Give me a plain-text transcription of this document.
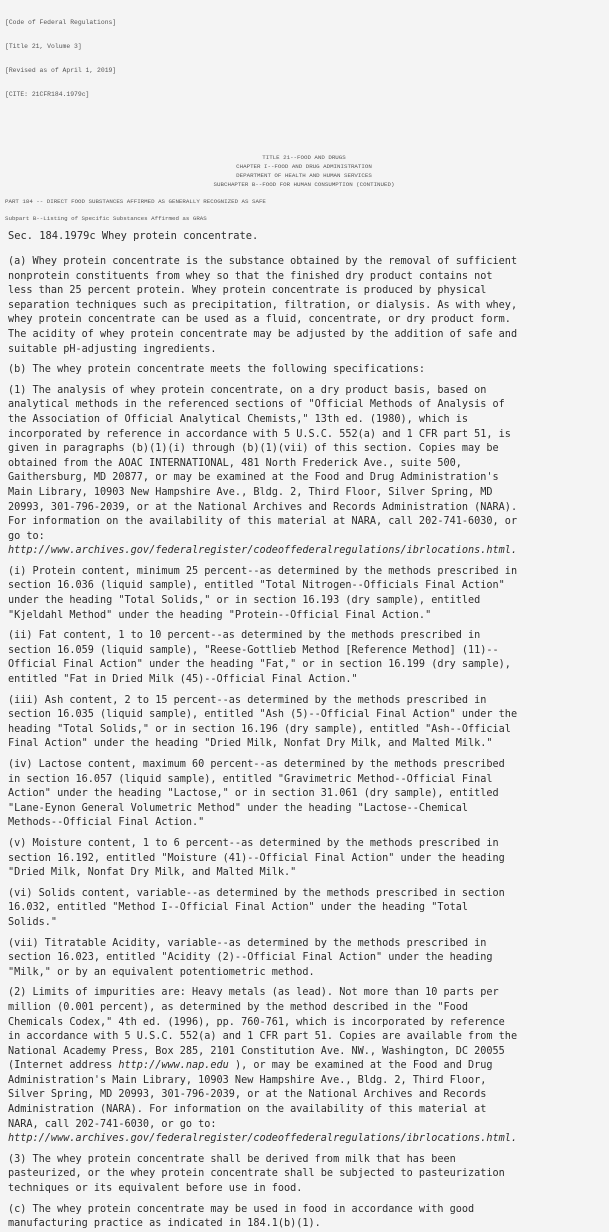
[Code of Federal Regulations]

[Title 21, Volume 3]

[Revised as of April 1, 2019]

[CITE: 21CFR184.1979c]

TITLE 21--FOOD AND DRUGS
CHAPTER I--FOOD AND DRUG ADMINISTRATION
DEPARTMENT OF HEALTH AND HUMAN SERVICES
SUBCHAPTER B--FOOD FOR HUMAN CONSUMPTION (CONTINUED)
PART 184 -- DIRECT FOOD SUBSTANCES AFFIRMED AS GENERALLY RECOGNIZED AS SAFE
Subpart B--Listing of Specific Substances Affirmed as GRAS
Sec. 184.1979c Whey protein concentrate.
(a) Whey protein concentrate is the substance obtained by the removal of sufficient
nonprotein constituents from whey so that the finished dry product contains not
less than 25 percent protein. Whey protein concentrate is produced by physical
separation techniques such as precipitation, filtration, or dialysis. As with whey,
whey protein concentrate can be used as a fluid, concentrate, or dry product form.
The acidity of whey protein concentrate may be adjusted by the addition of safe and
suitable pH-adjusting ingredients.
(b) The whey protein concentrate meets the following specifications:
(1) The analysis of whey protein concentrate, on a dry product basis, based on
analytical methods in the referenced sections of "Official Methods of Analysis of
the Association of Official Analytical Chemists," 13th ed. (1980), which is
incorporated by reference in accordance with 5 U.S.C. 552(a) and 1 CFR part 51, is
given in paragraphs (b)(1)(i) through (b)(1)(vii) of this section. Copies may be
obtained from the AOAC INTERNATIONAL, 481 North Frederick Ave., suite 500,
Gaithersburg, MD 20877, or may be examined at the Food and Drug Administration's
Main Library, 10903 New Hampshire Ave., Bldg. 2, Third Floor, Silver Spring, MD
20993, 301-796-2039, or at the National Archives and Records Administration (NARA).
For information on the availability of this material at NARA, call 202-741-6030, or
go to:
http://www.archives.gov/federalregister/codeoffederalregulations/ibrlocations.html.
(i) Protein content, minimum 25 percent--as determined by the methods prescribed in
section 16.036 (liquid sample), entitled "Total Nitrogen--Officials Final Action"
under the heading "Total Solids," or in section 16.193 (dry sample), entitled
"Kjeldahl Method" under the heading "Protein--Official Final Action."
(ii) Fat content, 1 to 10 percent--as determined by the methods prescribed in
section 16.059 (liquid sample), "Reese-Gottlieb Method [Reference Method] (11)--
Official Final Action" under the heading "Fat," or in section 16.199 (dry sample),
entitled "Fat in Dried Milk (45)--Official Final Action."
(iii) Ash content, 2 to 15 percent--as determined by the methods prescribed in
section 16.035 (liquid sample), entitled "Ash (5)--Official Final Action" under the
heading "Total Solids," or in section 16.196 (dry sample), entitled "Ash--Official
Final Action" under the heading "Dried Milk, Nonfat Dry Milk, and Malted Milk."
(iv) Lactose content, maximum 60 percent--as determined by the methods prescribed
in section 16.057 (liquid sample), entitled "Gravimetric Method--Official Final
Action" under the heading "Lactose," or in section 31.061 (dry sample), entitled
"Lane-Eynon General Volumetric Method" under the heading "Lactose--Chemical
Methods--Official Final Action."
(v) Moisture content, 1 to 6 percent--as determined by the methods prescribed in
section 16.192, entitled "Moisture (41)--Official Final Action" under the heading
"Dried Milk, Nonfat Dry Milk, and Malted Milk."
(vi) Solids content, variable--as determined by the methods prescribed in section
16.032, entitled "Method I--Official Final Action" under the heading "Total
Solids."
(vii) Titratable Acidity, variable--as determined by the methods prescribed in
section 16.023, entitled "Acidity (2)--Official Final Action" under the heading
"Milk," or by an equivalent potentiometric method.
(2) Limits of impurities are: Heavy metals (as lead). Not more than 10 parts per
million (0.001 percent), as determined by the method described in the "Food
Chemicals Codex," 4th ed. (1996), pp. 760-761, which is incorporated by reference
in accordance with 5 U.S.C. 552(a) and 1 CFR part 51. Copies are available from the
National Academy Press, Box 285, 2101 Constitution Ave. NW., Washington, DC 20055
(Internet address http://www.nap.edu ), or may be examined at the Food and Drug
Administration's Main Library, 10903 New Hampshire Ave., Bldg. 2, Third Floor,
Silver Spring, MD 20993, 301-796-2039, or at the National Archives and Records
Administration (NARA). For information on the availability of this material at
NARA, call 202-741-6030, or go to:
http://www.archives.gov/federalregister/codeoffederalregulations/ibrlocations.html.
(3) The whey protein concentrate shall be derived from milk that has been
pasteurized, or the whey protein concentrate shall be subjected to pasteurization
techniques or its equivalent before use in food.
(c) The whey protein concentrate may be used in food in accordance with good
manufacturing practice as indicated in 184.1(b)(1).
